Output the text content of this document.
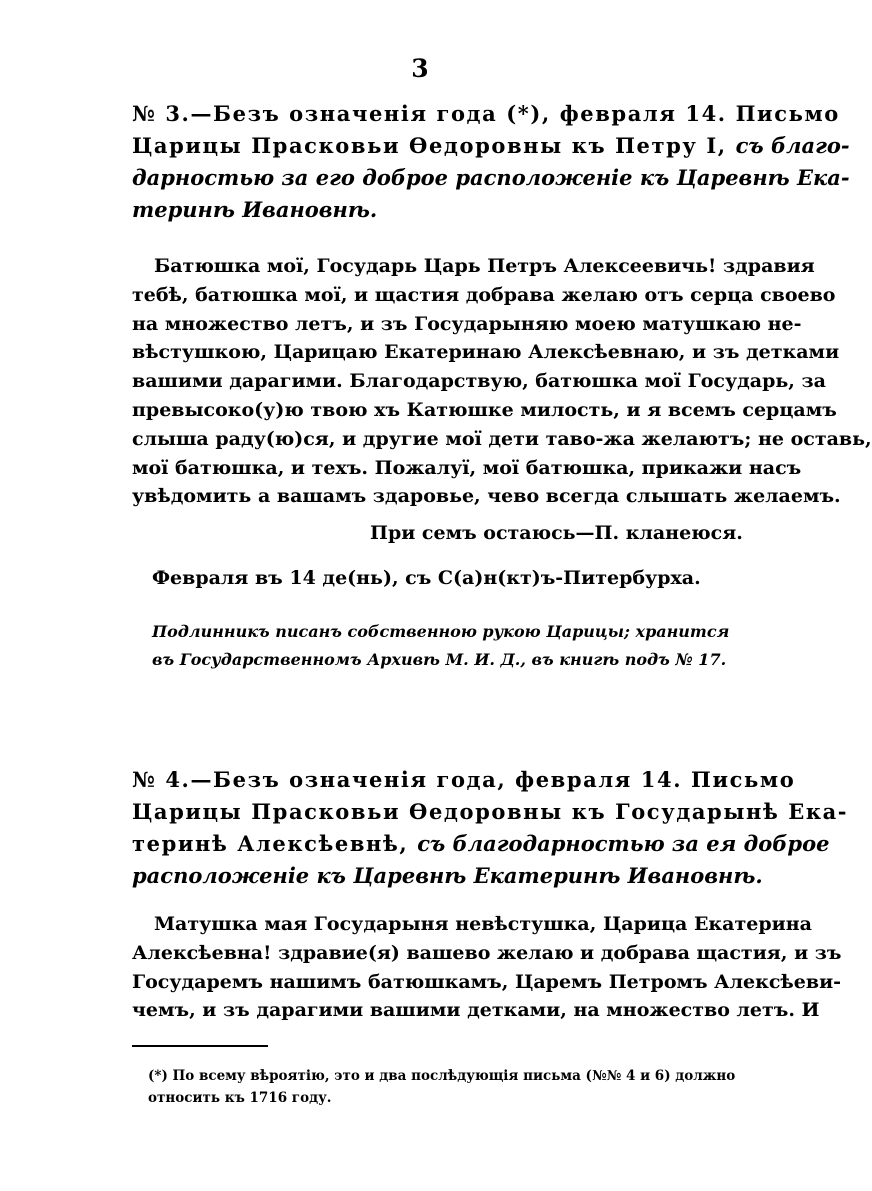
3
№ 3.—Безъ означенія года (*), февраля 14. Письмо
Царицы Прасковьи Өедоровны къ Петру I, съ благо-
дарностью за его доброе расположеніе къ Царевнѣ Ека-
теринѣ Ивановнѣ.
Батюшка мої, Государь Царь Петръ Алексеевичь! здравия
тебѣ, батюшка мої, и щастия добрава желаю отъ серца своево
на множество летъ, и зъ Государыняю моею матушкаю не-
вѣстушкою, Царицаю Екатеринаю Алексѣевнаю, и зъ детками
вашими дарагими. Благодарствую, батюшка мої Государь, за
превысоко(у)ю твою хъ Катюшке милость, и я всемъ серцамъ
слыша раду(ю)ся, и другие мої дети таво-жа желаютъ; не оставь,
мої батюшка, и техъ. Пожалуї, мої батюшка, прикажи насъ
увѣдомить а вашамъ здаровье, чево всегда слышать желаемъ.
При семъ остаюсь—П. кланеюся.
Февраля въ 14 де(нь), съ С(а)н(кт)ъ-Питербурха.
Подлинникъ писанъ собственною рукою Царицы; хранится
въ Государственномъ Архивѣ М. И. Д., въ книгѣ подъ № 17.
№ 4.—Безъ означенія года, февраля 14. Письмо
Царицы Прасковьи Өедоровны къ Государынѣ Ека-
теринѣ Алексѣевнѣ, съ благодарностью за ея доброе
расположеніе къ Царевнѣ Екатеринѣ Ивановнѣ.
Матушка мая Государыня невѣстушка, Царица Екатерина
Алексѣевна! здравие(я) вашево желаю и добрава щастия, и зъ
Государемъ нашимъ батюшкамъ, Царемъ Петромъ Алексѣеви-
чемъ, и зъ дарагими вашими детками, на множество летъ. И
(*) По всему вѣроятію, это и два послѣдующія письма (№№ 4 и 6) должно
относить къ 1716 году.
